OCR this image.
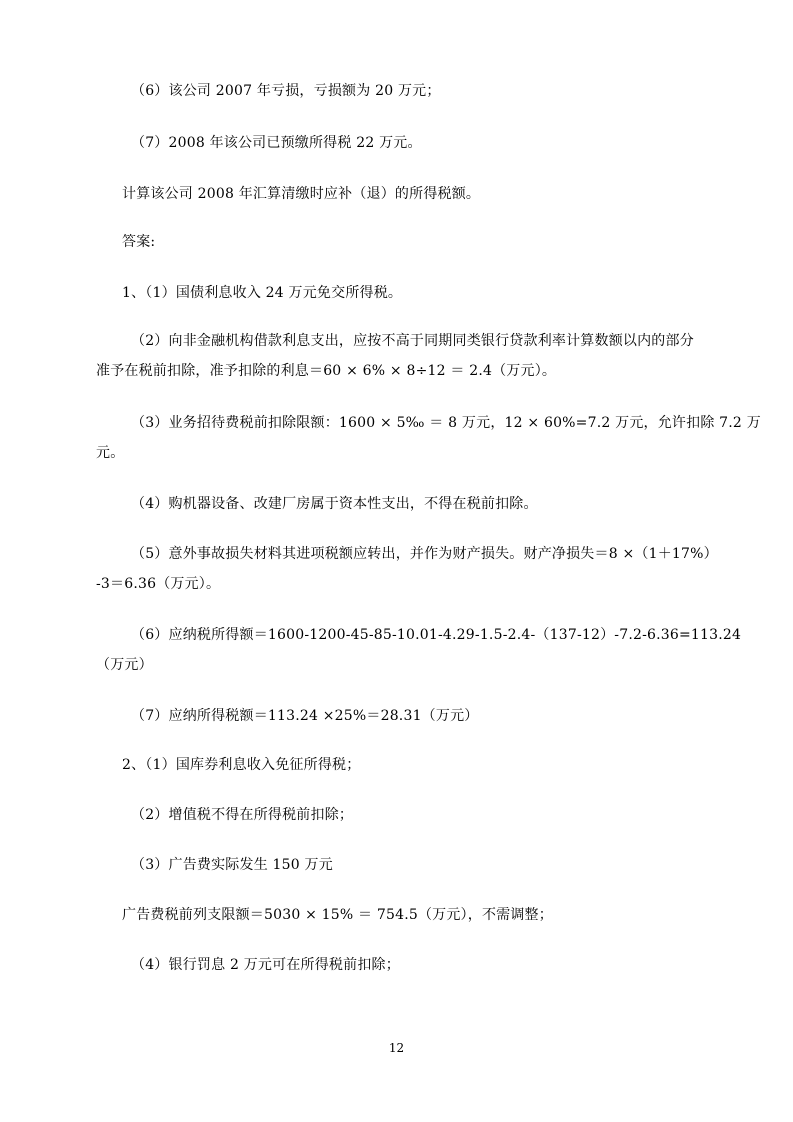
（6）该公司 2007 年亏损，亏损额为 20 万元；
（7）2008 年该公司已预缴所得税 22 万元。
计算该公司 2008 年汇算清缴时应补（退）的所得税额。
答案:
1、（1）国债利息收入 24 万元免交所得税。
（2）向非金融机构借款利息支出，应按不高于同期同类银行贷款利率计算数额以内的部分
准予在税前扣除，准予扣除的利息＝60 × 6% × 8÷12 ＝ 2.4（万元）。
（3）业务招待费税前扣除限额：1600 × 5‰ ＝ 8 万元，12 × 60%=7.2 万元，允许扣除 7.2 万
元。
（4）购机器设备、改建厂房属于资本性支出，不得在税前扣除。
（5）意外事故损失材料其进项税额应转出，并作为财产损失。财产净损失＝8 ×（1＋17%）
-3＝6.36（万元）。
（6）应纳税所得额＝1600-1200-45-85-10.01-4.29-1.5-2.4-（137-12）-7.2-6.36=113.24
（万元）
（7）应纳所得税额＝113.24 ×25%＝28.31（万元）
2、（1）国库券利息收入免征所得税；
（2）增值税不得在所得税前扣除；
（3）广告费实际发生 150 万元
广告费税前列支限额＝5030 × 15% ＝ 754.5（万元），不需调整；
（4）银行罚息 2 万元可在所得税前扣除；
12
